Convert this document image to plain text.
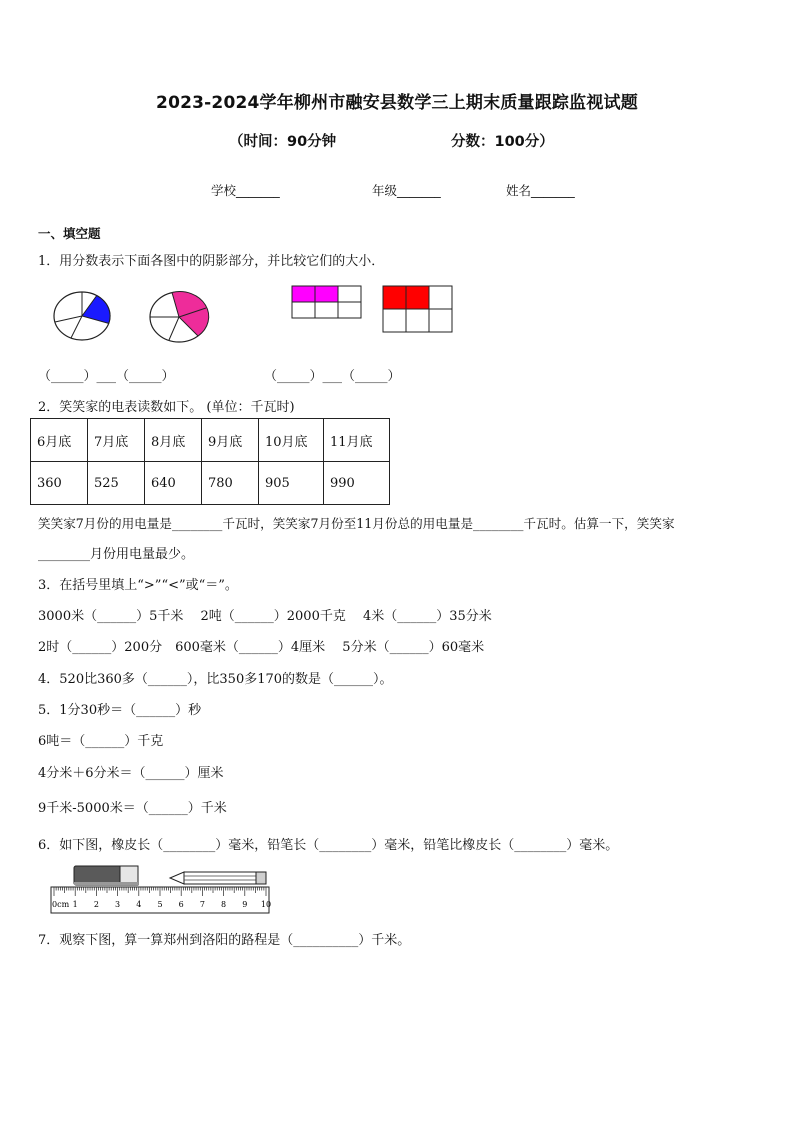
2023-2024学年柳州市融安县数学三上期末质量跟踪监视试题
（时间：90分钟	分数：100分）
学校_______	年级_______	姓名_______
一、填空题
1．用分数表示下面各图中的阴影部分，并比较它们的大小．
（_____）___（_____）	（_____）___（_____）
2．笑笑家的电表读数如下。 (单位：千瓦时)
6月底	7月底	8月底	9月底	10月底	11月底
360	525	640	780	905	990
笑笑家7月份的用电量是________千瓦时，笑笑家7月份至11月份总的用电量是________千瓦时。估算一下，笑笑家
________月份用电量最少。
3．在括号里填上“>”“<”或“＝”。
3000米（______）5千米　 2吨（______）2000千克　 4米（______）35分米
2时（______）200分　600毫米（______）4厘米　 5分米（______）60毫米
4．520比360多（______），比350多170的数是（______）。
5．1分30秒＝（______）秒
6吨＝（______）千克
4分米＋6分米＝（______）厘米
9千米-5000米＝（______）千米
6．如下图，橡皮长（________）毫米，铅笔长（________）毫米，铅笔比橡皮长（________）毫米。
0cm 1 2 3 4 5 6 7 8 9 10
7．观察下图，算一算郑州到洛阳的路程是（__________）千米。
